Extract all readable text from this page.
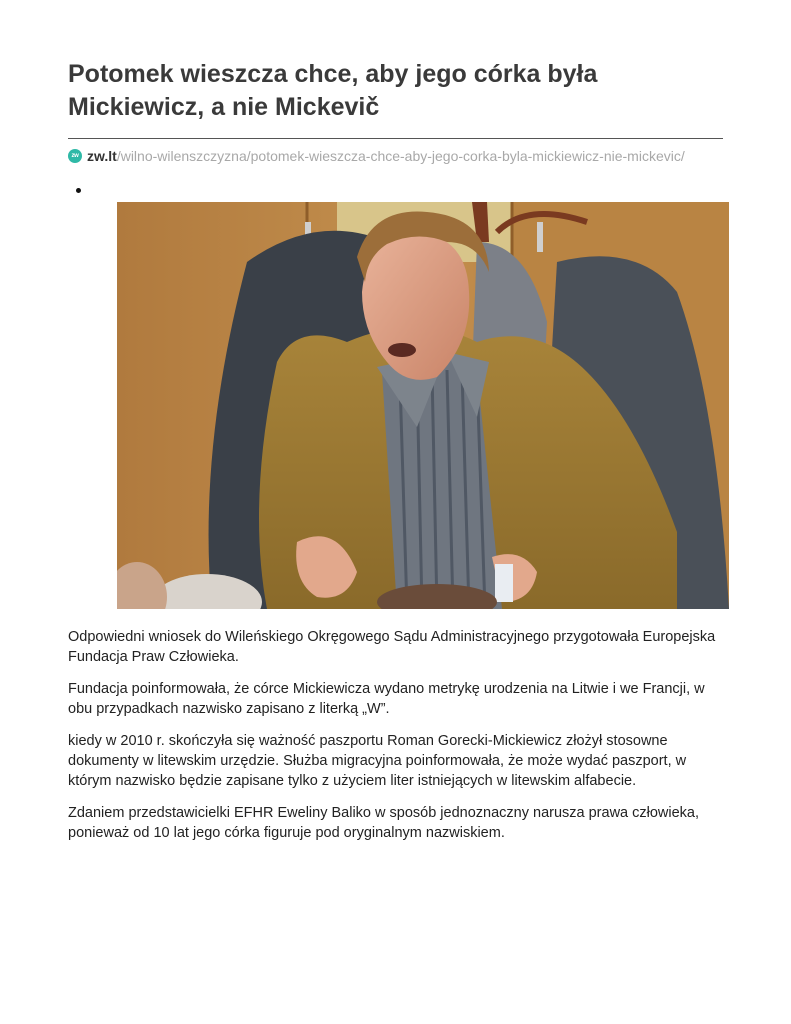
Potomek wieszcza chce, aby jego córka była
Mickiewicz, a nie Mickevič
zw zw.lt /wilno-wilenszczyzna/potomek-wieszcza-chce-aby-jego-corka-byla-mickiewicz-nie-mickevic/

Odpowiedni wniosek do Wileńskiego Okręgowego Sądu Administracyjnego przygotowała Europejska Fundacja Praw Człowieka.

Fundacja poinformowała, że córce Mickiewicza wydano metrykę urodzenia na Litwie i we Francji, w obu przypadkach nazwisko zapisano z literką „W”.

kiedy w 2010 r. skończyła się ważność paszportu Roman Gorecki-Mickiewicz złożył stosowne dokumenty w litewskim urzędzie. Służba migracyjna poinformowała, że może wydać paszport, w którym nazwisko będzie zapisane tylko z użyciem liter istniejących w litewskim alfabecie.

Zdaniem przedstawicielki EFHR Eweliny Baliko w sposób jednoznaczny narusza prawa człowieka, ponieważ od 10 lat jego córka figuruje pod oryginalnym nazwiskiem.
